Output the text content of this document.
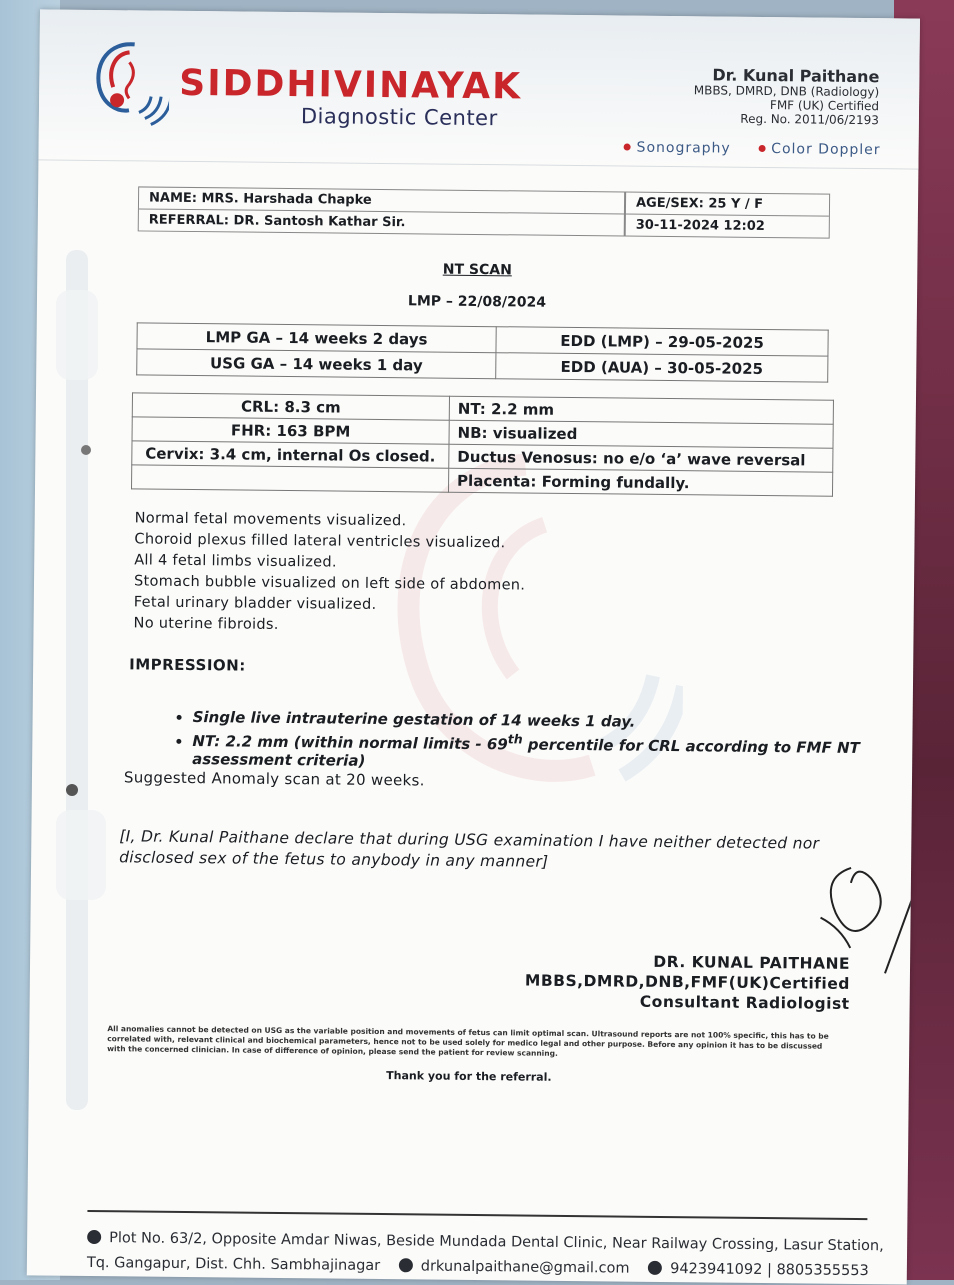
SIDDHIVINAYAK
Diagnostic Center
Dr. Kunal Paithane
MBBS, DMRD, DNB (Radiology)
FMF (UK) Certified
Reg. No. 2011/06/2193
Sonography	Color Doppler
NAME: MRS. Harshada Chapke	AGE/SEX: 25 Y / F
REFERRAL: DR. Santosh Kathar Sir.	30-11-2024 12:02
NT SCAN
LMP – 22/08/2024
LMP GA – 14 weeks 2 days	EDD (LMP) – 29-05-2025
USG GA – 14 weeks 1 day	EDD (AUA) – 30-05-2025
CRL: 8.3 cm	NT: 2.2 mm
FHR: 163 BPM	NB: visualized
Cervix: 3.4 cm, internal Os closed.	Ductus Venosus: no e/o ‘a’ wave reversal
	Placenta: Forming fundally.
Normal fetal movements visualized.
Choroid plexus filled lateral ventricles visualized.
All 4 fetal limbs visualized.
Stomach bubble visualized on left side of abdomen.
Fetal urinary bladder visualized.
No uterine fibroids.
IMPRESSION:
• Single live intrauterine gestation of 14 weeks 1 day.
• NT: 2.2 mm (within normal limits - 69th percentile for CRL according to FMF NT assessment criteria)
Suggested Anomaly scan at 20 weeks.
[I, Dr. Kunal Paithane declare that during USG examination I have neither detected nor disclosed sex of the fetus to anybody in any manner]
DR. KUNAL PAITHANE
MBBS,DMRD,DNB,FMF(UK)Certified
Consultant Radiologist
All anomalies cannot be detected on USG as the variable position and movements of fetus can limit optimal scan. Ultrasound reports are not 100% specific, this has to be correlated with, relevant clinical and biochemical parameters, hence not to be used solely for medico legal and other purpose. Before any opinion it has to be discussed with the concerned clinician. In case of difference of opinion, please send the patient for review scanning.
Thank you for the referral.
Plot No. 63/2, Opposite Amdar Niwas, Beside Mundada Dental Clinic, Near Railway Crossing, Lasur Station,
Tq. Gangapur, Dist. Chh. Sambhajinagar	drkunalpaithane@gmail.com	9423941092 | 8805355553
